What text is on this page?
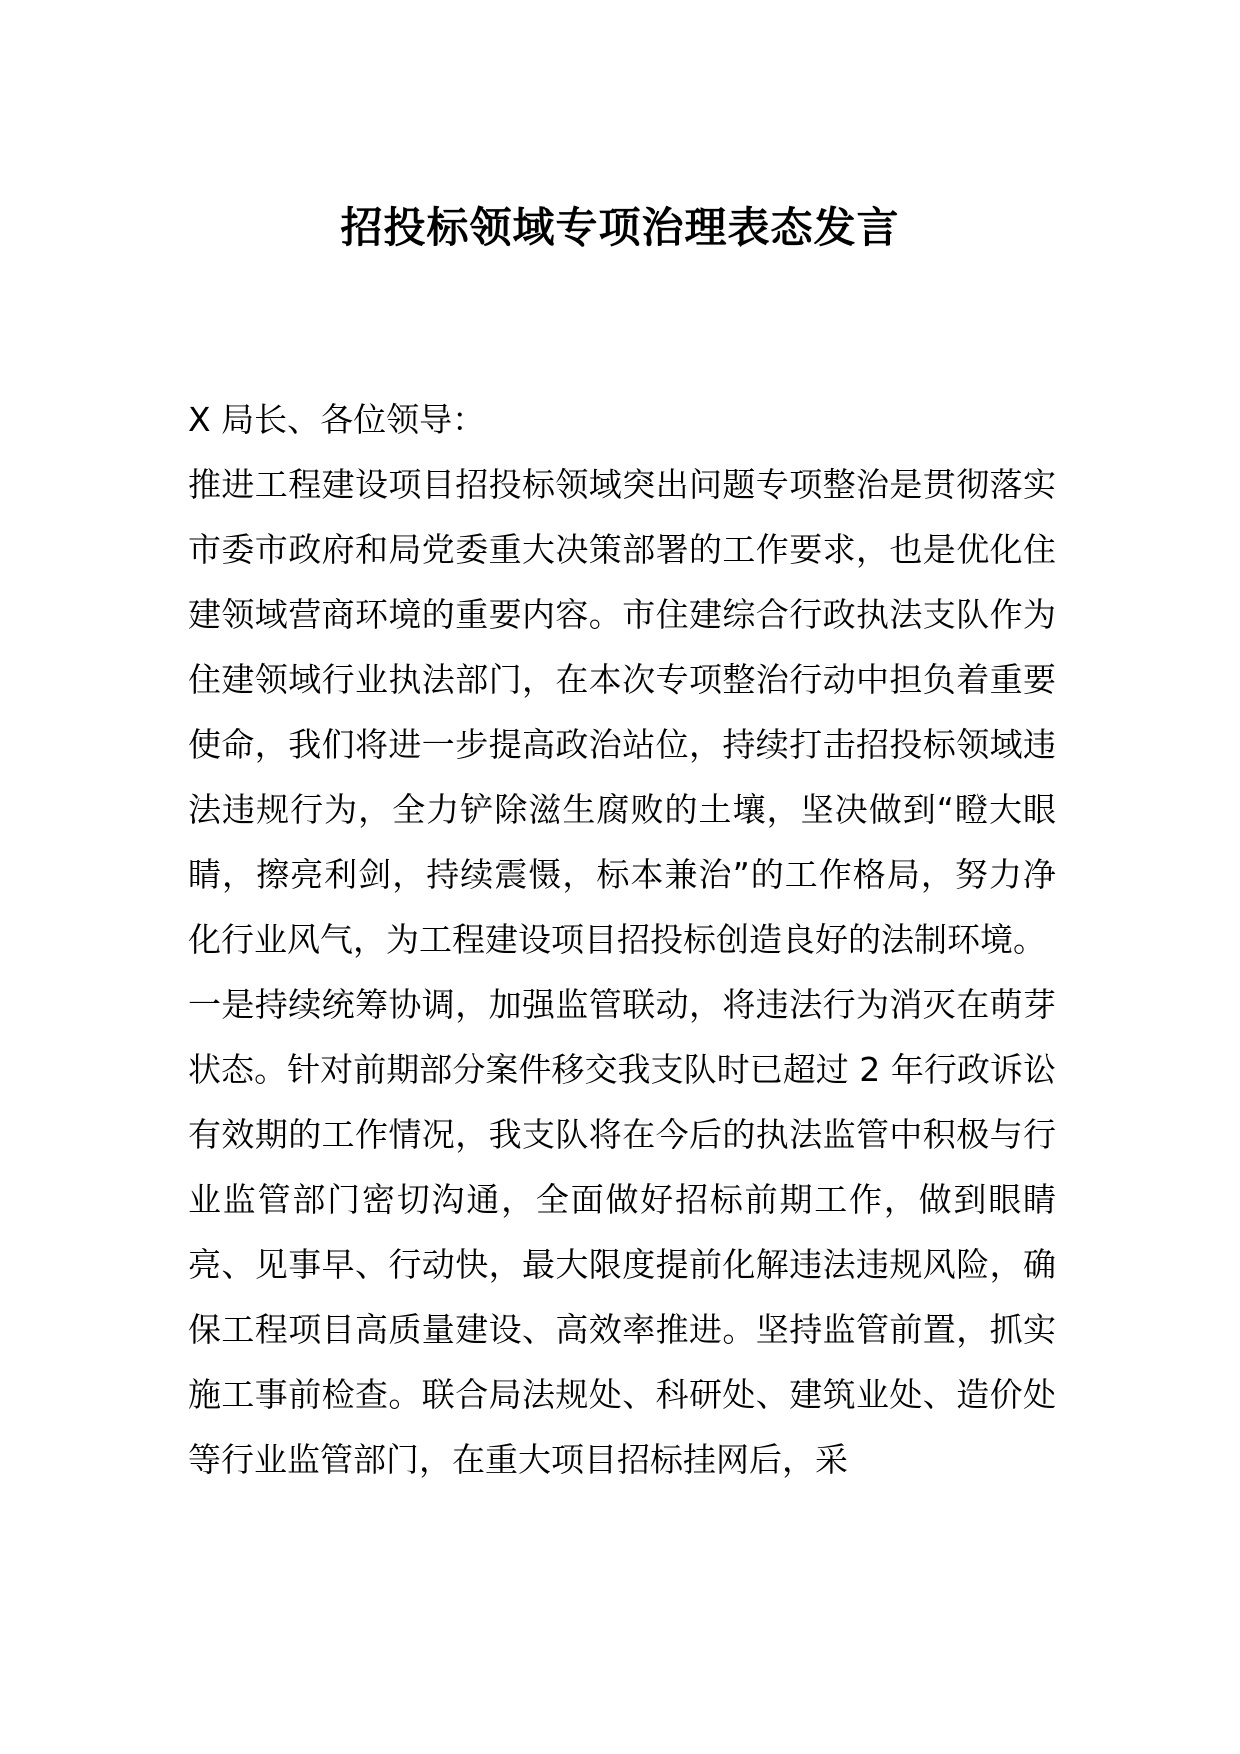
招投标领域专项治理表态发言

X 局长、各位领导：

推进工程建设项目招投标领域突出问题专项整治是贯彻落实市委市政府和局党委重大决策部署的工作要求，也是优化住建领域营商环境的重要内容。市住建综合行政执法支队作为住建领域行业执法部门，在本次专项整治行动中担负着重要使命，我们将进一步提高政治站位，持续打击招投标领域违法违规行为，全力铲除滋生腐败的土壤，坚决做到“瞪大眼睛，擦亮利剑，持续震慑，标本兼治”的工作格局，努力净化行业风气，为工程建设项目招投标创造良好的法制环境。

一是持续统筹协调，加强监管联动，将违法行为消灭在萌芽状态。针对前期部分案件移交我支队时已超过 2 年行政诉讼有效期的工作情况，我支队将在今后的执法监管中积极与行业监管部门密切沟通，全面做好招标前期工作，做到眼睛亮、见事早、行动快，最大限度提前化解违法违规风险，确保工程项目高质量建设、高效率推进。坚持监管前置，抓实施工事前检查。联合局法规处、科研处、建筑业处、造价处等行业监管部门，在重大项目招标挂网后，采
